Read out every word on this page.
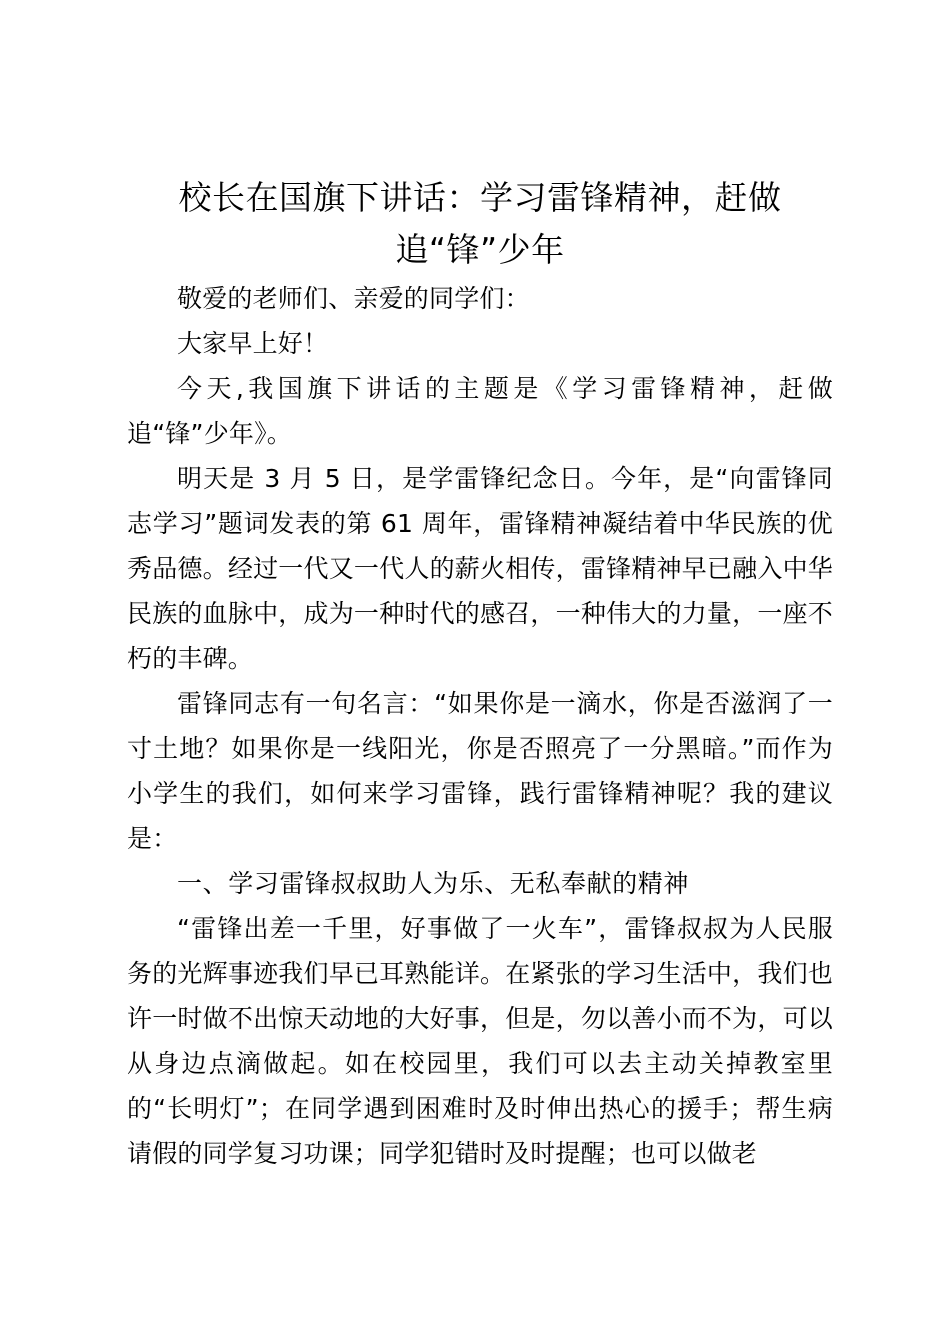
校长在国旗下讲话：学习雷锋精神，赶做追“锋”少年

敬爱的老师们、亲爱的同学们：

大家早上好！

今天,我国旗下讲话的主题是《学习雷锋精神，赶做追“锋”少年》。

明天是 3 月 5 日，是学雷锋纪念日。今年，是“向雷锋同志学习”题词发表的第 61 周年，雷锋精神凝结着中华民族的优秀品德。经过一代又一代人的薪火相传，雷锋精神早已融入中华民族的血脉中，成为一种时代的感召，一种伟大的力量，一座不朽的丰碑。

雷锋同志有一句名言：“如果你是一滴水，你是否滋润了一寸土地？如果你是一线阳光，你是否照亮了一分黑暗。”而作为小学生的我们，如何来学习雷锋，践行雷锋精神呢？我的建议是：

一、学习雷锋叔叔助人为乐、无私奉献的精神

“雷锋出差一千里，好事做了一火车”，雷锋叔叔为人民服务的光辉事迹我们早已耳熟能详。在紧张的学习生活中，我们也许一时做不出惊天动地的大好事，但是，勿以善小而不为，可以从身边点滴做起。如在校园里，我们可以去主动关掉教室里的“长明灯”；在同学遇到困难时及时伸出热心的援手；帮生病请假的同学复习功课；同学犯错时及时提醒；也可以做老
